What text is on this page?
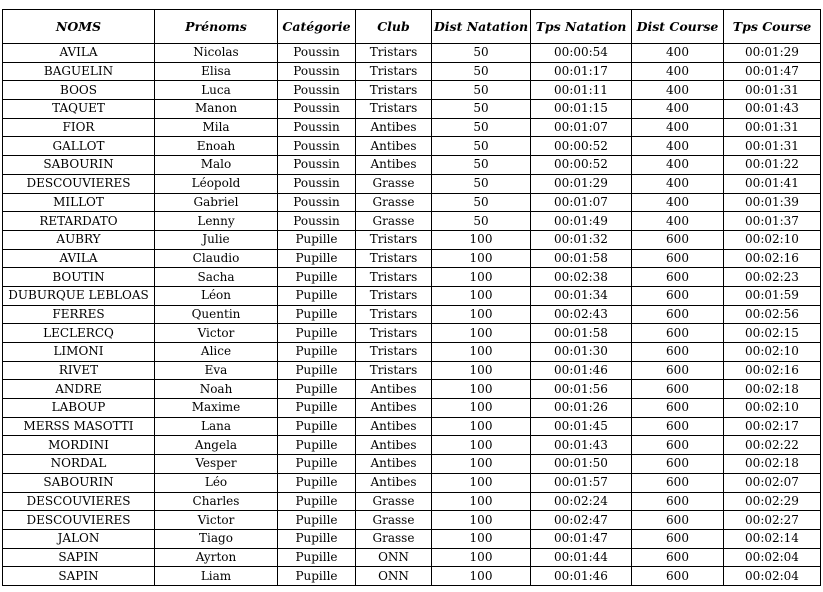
NOMS	Prénoms	Catégorie	Club	Dist Natation	Tps Natation	Dist Course	Tps Course
AVILA	Nicolas	Poussin	Tristars	50	00:00:54	400	00:01:29
BAGUELIN	Elisa	Poussin	Tristars	50	00:01:17	400	00:01:47
BOOS	Luca	Poussin	Tristars	50	00:01:11	400	00:01:31
TAQUET	Manon	Poussin	Tristars	50	00:01:15	400	00:01:43
FIOR	Mila	Poussin	Antibes	50	00:01:07	400	00:01:31
GALLOT	Enoah	Poussin	Antibes	50	00:00:52	400	00:01:31
SABOURIN	Malo	Poussin	Antibes	50	00:00:52	400	00:01:22
DESCOUVIERES	Léopold	Poussin	Grasse	50	00:01:29	400	00:01:41
MILLOT	Gabriel	Poussin	Grasse	50	00:01:07	400	00:01:39
RETARDATO	Lenny	Poussin	Grasse	50	00:01:49	400	00:01:37
AUBRY	Julie	Pupille	Tristars	100	00:01:32	600	00:02:10
AVILA	Claudio	Pupille	Tristars	100	00:01:58	600	00:02:16
BOUTIN	Sacha	Pupille	Tristars	100	00:02:38	600	00:02:23
DUBURQUE LEBLOAS	Léon	Pupille	Tristars	100	00:01:34	600	00:01:59
FERRES	Quentin	Pupille	Tristars	100	00:02:43	600	00:02:56
LECLERCQ	Victor	Pupille	Tristars	100	00:01:58	600	00:02:15
LIMONI	Alice	Pupille	Tristars	100	00:01:30	600	00:02:10
RIVET	Eva	Pupille	Tristars	100	00:01:46	600	00:02:16
ANDRE	Noah	Pupille	Antibes	100	00:01:56	600	00:02:18
LABOUP	Maxime	Pupille	Antibes	100	00:01:26	600	00:02:10
MERSS MASOTTI	Lana	Pupille	Antibes	100	00:01:45	600	00:02:17
MORDINI	Angela	Pupille	Antibes	100	00:01:43	600	00:02:22
NORDAL	Vesper	Pupille	Antibes	100	00:01:50	600	00:02:18
SABOURIN	Léo	Pupille	Antibes	100	00:01:57	600	00:02:07
DESCOUVIERES	Charles	Pupille	Grasse	100	00:02:24	600	00:02:29
DESCOUVIERES	Victor	Pupille	Grasse	100	00:02:47	600	00:02:27
JALON	Tiago	Pupille	Grasse	100	00:01:47	600	00:02:14
SAPIN	Ayrton	Pupille	ONN	100	00:01:44	600	00:02:04
SAPIN	Liam	Pupille	ONN	100	00:01:46	600	00:02:04
